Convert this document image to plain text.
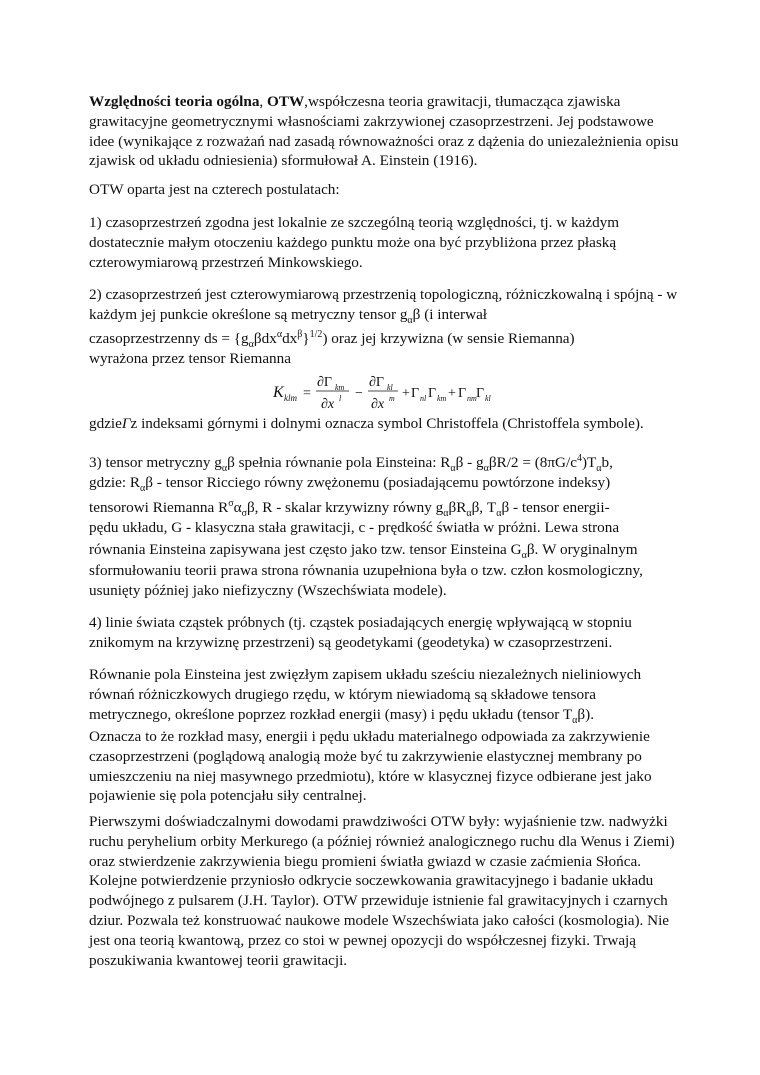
Względności teoria ogólna, OTW,współczesna teoria grawitacji, tłumacząca zjawiska grawitacyjne geometrycznymi własnościami zakrzywionej czasoprzestrzeni. Jej podstawowe idee (wynikające z rozważań nad zasadą równoważności oraz z dążenia do uniezależnienia opisu zjawisk od układu odniesienia) sformułował A. Einstein (1916).

OTW oparta jest na czterech postulatach:

1) czasoprzestrzeń zgodna jest lokalnie ze szczególną teorią względności, tj. w każdym dostatecznie małym otoczeniu każdego punktu może ona być przybliżona przez płaską czterowymiarową przestrzeń Minkowskiego.

2) czasoprzestrzeń jest czterowymiarową przestrzenią topologiczną, różniczkowalną i spójną - w każdym jej punkcie określone są metryczny tensor $g_\alpha\beta$ (i interwał

czasoprzestrzenny ds = $\{g_\alpha\beta dx^\alpha dx^\beta\}^{1/2}$) oraz jej krzywizna (w sensie Riemanna)

wyrażona przez tensor Riemanna

K klm =
∂Γ km
∂x l −
∂Γ kl
∂x m + Γ nl Γ km + Γ nm Γ kl

gdzieΓz indeksami górnymi i dolnymi oznacza symbol Christoffela (Christoffela symbole).

3) tensor metryczny $g_\alpha\beta$ spełnia równanie pola Einsteina: $R_\alpha\beta - g_\alpha\beta R/2 = (8\pi G/c^4)T_\alpha b$,

gdzie: $R_\alpha\beta$ - tensor Ricciego równy zwężonemu (posiadającemu powtórzone indeksy)

tensorowi Riemanna $R^\sigma\alpha_\sigma\beta$, R - skalar krzywizny równy $g_\alpha\beta R_\alpha\beta$, $T_\alpha\beta$ - tensor energii-

pędu układu, G - klasyczna stała grawitacji, c - prędkość światła w próżni. Lewa strona

równania Einsteina zapisywana jest często jako tzw. tensor Einsteina $G_\alpha\beta$. W oryginalnym

sformułowaniu teorii prawa strona równania uzupełniona była o tzw. człon kosmologiczny,

usunięty później jako niefizyczny (Wszechświata modele).

4) linie świata cząstek próbnych (tj. cząstek posiadających energię wpływającą w stopniu znikomym na krzywiznę przestrzeni) są geodetykami (geodetyka) w czasoprzestrzeni.

Równanie pola Einsteina jest zwięzłym zapisem układu sześciu niezależnych nieliniowych równań różniczkowych drugiego rzędu, w którym niewiadomą są składowe tensora metrycznego, określone poprzez rozkład energii (masy) i pędu układu (tensor $T_\alpha\beta$).

Oznacza to że rozkład masy, energii i pędu układu materialnego odpowiada za zakrzywienie czasoprzestrzeni (poglądową analogią może być tu zakrzywienie elastycznej membrany po umieszczeniu na niej masywnego przedmiotu), które w klasycznej fizyce odbierane jest jako pojawienie się pola potencjału siły centralnej.

Pierwszymi doświadczalnymi dowodami prawdziwości OTW były: wyjaśnienie tzw. nadwyżki ruchu peryhelium orbity Merkurego (a później również analogicznego ruchu dla Wenus i Ziemi) oraz stwierdzenie zakrzywienia biegu promieni światła gwiazd w czasie zaćmienia Słońca. Kolejne potwierdzenie przyniosło odkrycie soczewkowania grawitacyjnego i badanie układu podwójnego z pulsarem (J.H. Taylor). OTW przewiduje istnienie fal grawitacyjnych i czarnych dziur. Pozwala też konstruować naukowe modele Wszechświata jako całości (kosmologia). Nie jest ona teorią kwantową, przez co stoi w pewnej opozycji do współczesnej fizyki. Trwają poszukiwania kwantowej teorii grawitacji.
